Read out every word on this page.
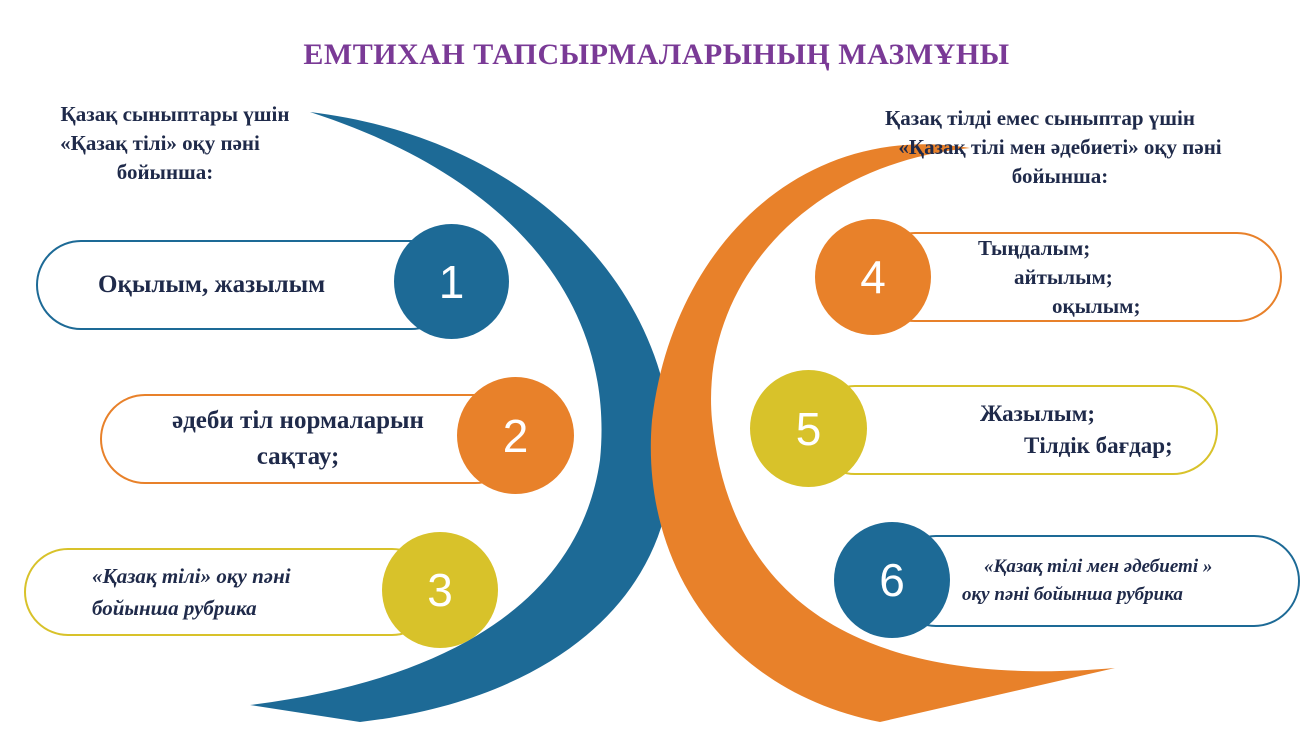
ЕМТИХАН ТАПСЫРМАЛАРЫНЫҢ МАЗМҰНЫ
Қазақ сыныптары үшін
«Қазақ тілі» оқу пәні
бойынша:
Қазақ тілді емес сыныптар үшін
«Қазақ тілі мен әдебиеті» оқу пәні
бойынша:
Оқылым, жазылым	1
әдеби тіл нормаларын
сақтау;	2
«Қазақ тілі» оқу пәні
бойынша рубрика	3
Тыңдалым;
айтылым;
оқылым;
4
Жазылым;
Тілдік бағдар;
5
«Қазақ тілі мен әдебиеті »
оқу пәні бойынша рубрика
6
